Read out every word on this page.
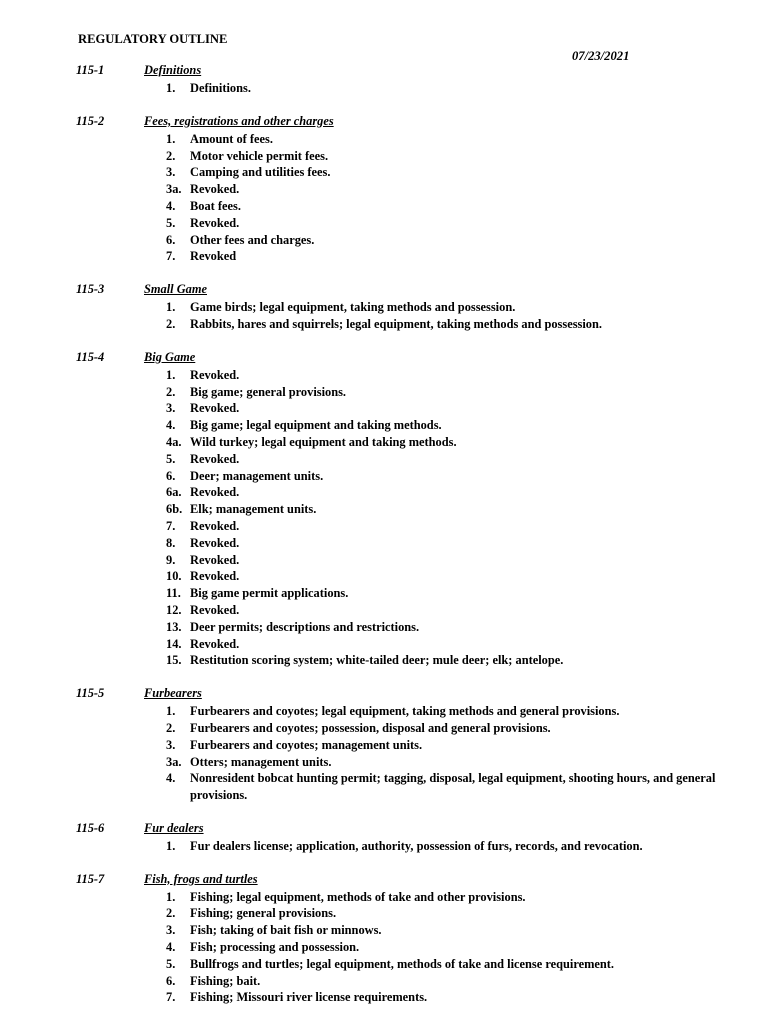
REGULATORY OUTLINE
07/23/2021
115-1	Definitions
1. Definitions.
115-2	Fees, registrations and other charges
1. Amount of fees.
2. Motor vehicle permit fees.
3. Camping and utilities fees.
3a. Revoked.
4. Boat fees.
5. Revoked.
6. Other fees and charges.
7. Revoked
115-3	Small Game
1. Game birds; legal equipment, taking methods and possession.
2. Rabbits, hares and squirrels; legal equipment, taking methods and possession.
115-4	Big Game
1. Revoked.
2. Big game; general provisions.
3. Revoked.
4. Big game; legal equipment and taking methods.
4a. Wild turkey; legal equipment and taking methods.
5. Revoked.
6. Deer; management units.
6a. Revoked.
6b. Elk; management units.
7. Revoked.
8. Revoked.
9. Revoked.
10. Revoked.
11. Big game permit applications.
12. Revoked.
13. Deer permits; descriptions and restrictions.
14. Revoked.
15. Restitution scoring system; white-tailed deer; mule deer; elk; antelope.
115-5	Furbearers
1. Furbearers and coyotes; legal equipment, taking methods and general provisions.
2. Furbearers and coyotes; possession, disposal and general provisions.
3. Furbearers and coyotes; management units.
3a. Otters; management units.
4. Nonresident bobcat hunting permit; tagging, disposal, legal equipment, shooting hours, and general provisions.
115-6	Fur dealers
1. Fur dealers license; application, authority, possession of furs, records, and revocation.
115-7	Fish, frogs and turtles
1. Fishing; legal equipment, methods of take and other provisions.
2. Fishing; general provisions.
3. Fish; taking of bait fish or minnows.
4. Fish; processing and possession.
5. Bullfrogs and turtles; legal equipment, methods of take and license requirement.
6. Fishing; bait.
7. Fishing; Missouri river license requirements.
